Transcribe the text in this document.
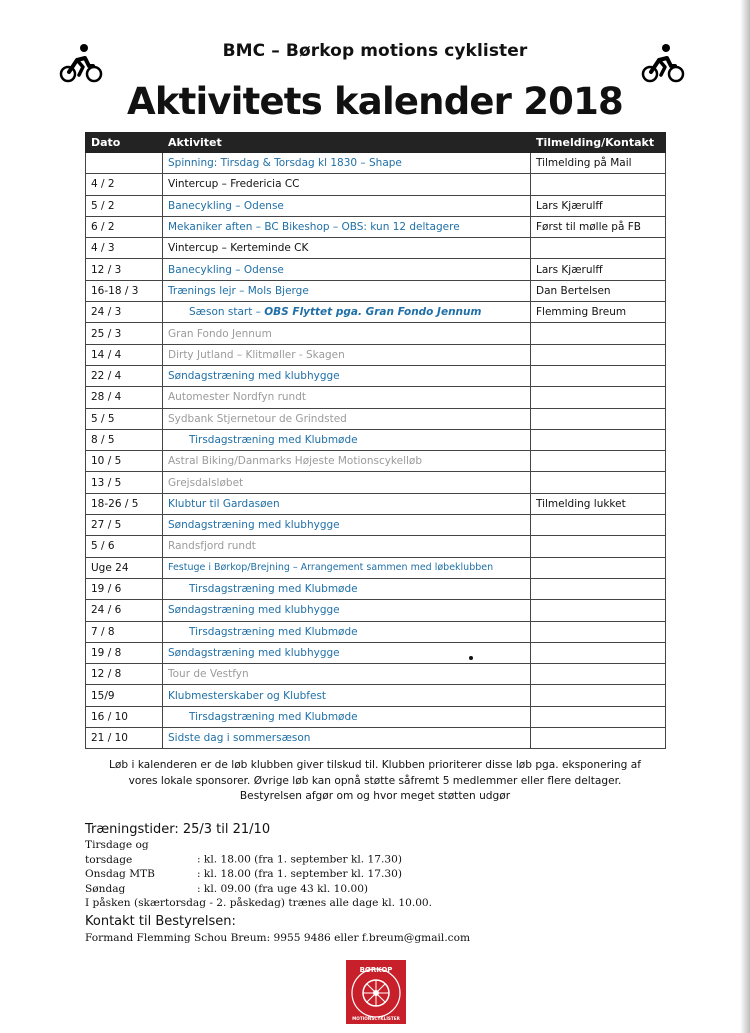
BMC – Børkop motions cyklister
Aktivitets kalender 2018
Dato	Aktivitet	Tilmelding/Kontakt
	Spinning: Tirsdag & Torsdag kl 1830 – Shape	Tilmelding på Mail
4 / 2	Vintercup – Fredericia CC	
5 / 2	Banecykling – Odense	Lars Kjærulff
6 / 2	Mekaniker aften – BC Bikeshop – OBS: kun 12 deltagere	Først til mølle på FB
4 / 3	Vintercup – Kerteminde CK	
12 / 3	Banecykling – Odense	Lars Kjærulff
16-18 / 3	Trænings lejr – Mols Bjerge	Dan Bertelsen
24 / 3	Sæson start – OBS Flyttet pga. Gran Fondo Jennum	Flemming Breum
25 / 3	Gran Fondo Jennum	
14 / 4	Dirty Jutland – Klitmøller - Skagen	
22 / 4	Søndagstræning med klubhygge	
28 / 4	Automester Nordfyn rundt	
5 / 5	Sydbank Stjernetour de Grindsted	
8 / 5	Tirsdagstræning med Klubmøde	
10 / 5	Astral Biking/Danmarks Højeste Motionscykelløb	
13 / 5	Grejsdalsløbet	
18-26 / 5	Klubtur til Gardasøen	Tilmelding lukket
27 / 5	Søndagstræning med klubhygge	
5 / 6	Randsfjord rundt	
Uge 24	Festuge i Børkop/Brejning – Arrangement sammen med løbeklubben	
19 / 6	Tirsdagstræning med Klubmøde	
24 / 6	Søndagstræning med klubhygge	
7 / 8	Tirsdagstræning med Klubmøde	
19 / 8	Søndagstræning med klubhygge	
12 / 8	Tour de Vestfyn	
15/9	Klubmesterskaber og Klubfest	
16 / 10	Tirsdagstræning med Klubmøde	
21 / 10	Sidste dag i sommersæson	
Løb i kalenderen er de løb klubben giver tilskud til. Klubben prioriterer disse løb pga. eksponering af
vores lokale sponsorer. Øvrige løb kan opnå støtte såfremt 5 medlemmer eller flere deltager.
Bestyrelsen afgør om og hvor meget støtten udgør
Træningstider: 25/3 til 21/10
Tirsdage og torsdage	: kl. 18.00 (fra 1. september kl. 17.30)
Onsdag MTB	: kl. 18.00 (fra 1. september kl. 17.30)
Søndag	: kl. 09.00 (fra uge 43 kl. 10.00)
I påsken (skærtorsdag - 2. påskedag) trænes alle dage kl. 10.00.
Kontakt til Bestyrelsen:
Formand Flemming Schou Breum: 9955 9486 eller f.breum@gmail.com
BØRKOP
MOTIONSCYKLISTER
